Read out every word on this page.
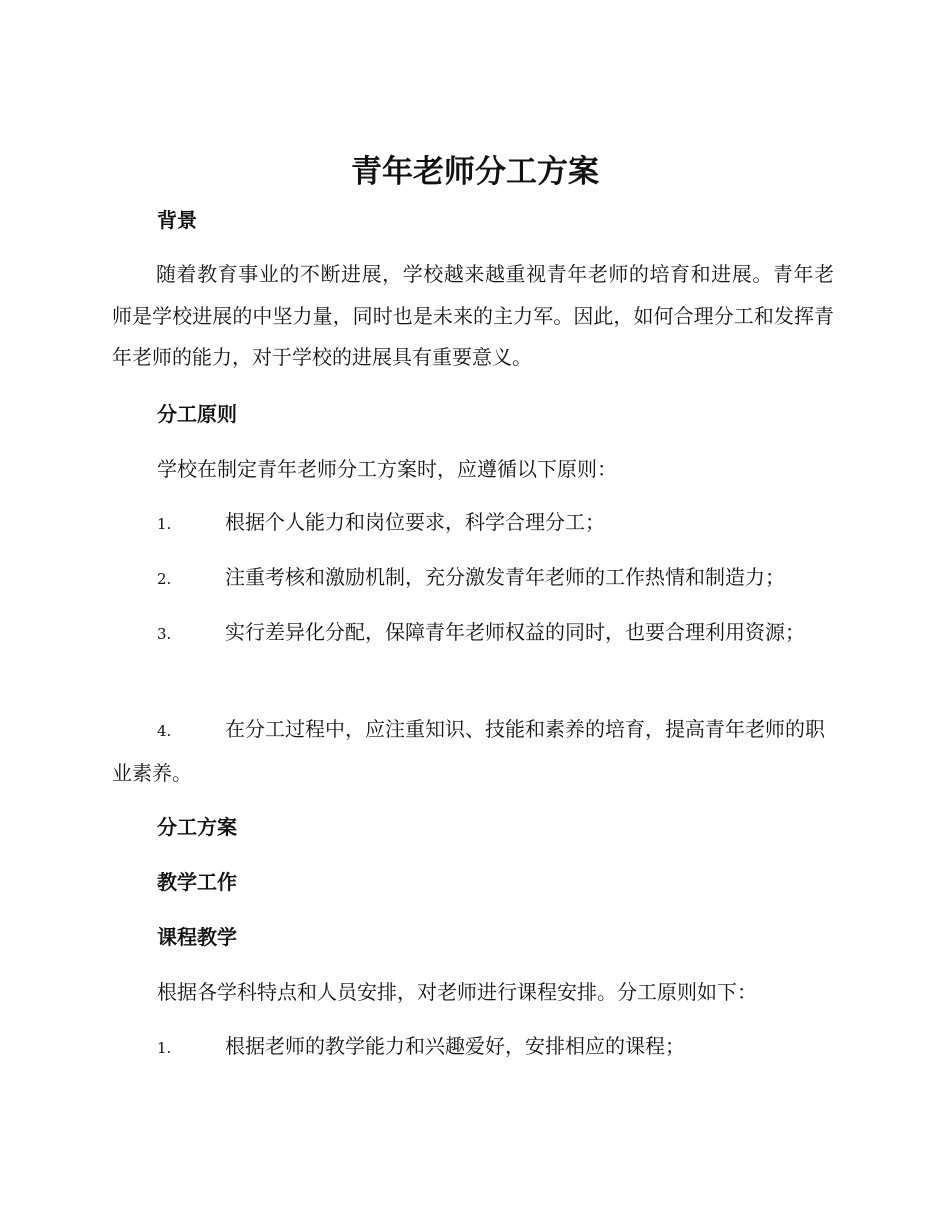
青年老师分工方案
背景

随着教育事业的不断进展，学校越来越重视青年老师的培育和进展。青年老师是学校进展的中坚力量，同时也是未来的主力军。因此，如何合理分工和发挥青年老师的能力，对于学校的进展具有重要意义。

分工原则

学校在制定青年老师分工方案时，应遵循以下原则：

1.	根据个人能力和岗位要求，科学合理分工；

2.	注重考核和激励机制，充分激发青年老师的工作热情和制造力；

3.	实行差异化分配，保障青年老师权益的同时，也要合理利用资源；

4.	在分工过程中，应注重知识、技能和素养的培育，提高青年老师的职业素养。

分工方案
教学工作
课程教学

根据各学科特点和人员安排，对老师进行课程安排。分工原则如下：

1.	根据老师的教学能力和兴趣爱好，安排相应的课程；
